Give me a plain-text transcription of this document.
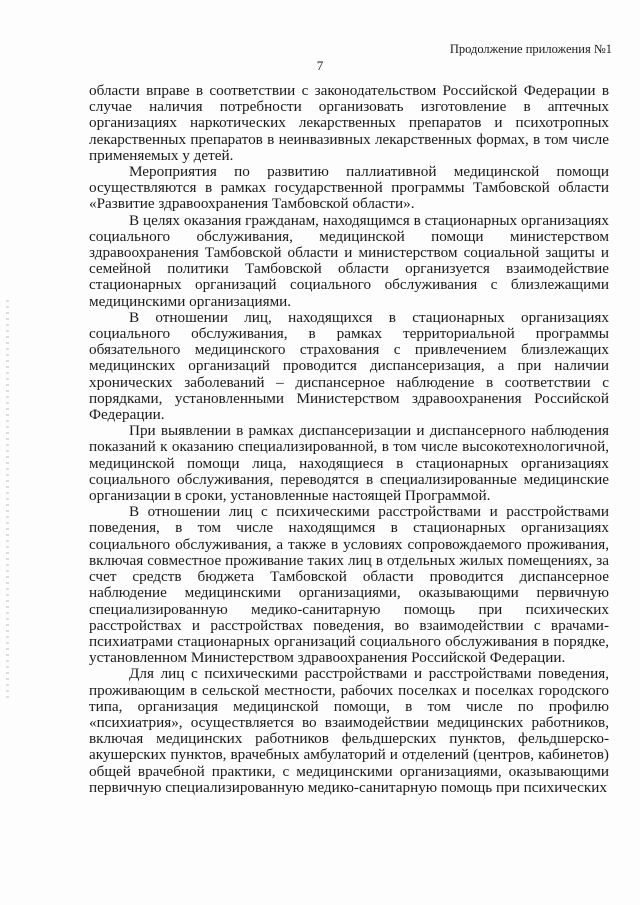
Продолжение приложения №1
7

области вправе в соответствии с законодательством Российской Федерации в случае наличия потребности организовать изготовление в аптечных организациях наркотических лекарственных препаратов и психотропных лекарственных препаратов в неинвазивных лекарственных формах, в том числе применяемых у детей.

Мероприятия по развитию паллиативной медицинской помощи осуществляются в рамках государственной программы Тамбовской области «Развитие здравоохранения Тамбовской области».

В целях оказания гражданам, находящимся в стационарных организациях социального обслуживания, медицинской помощи министерством здравоохранения Тамбовской области и министерством социальной защиты и семейной политики Тамбовской области организуется взаимодействие стационарных организаций социального обслуживания с близлежащими медицинскими организациями.

В отношении лиц, находящихся в стационарных организациях социального обслуживания, в рамках территориальной программы обязательного медицинского страхования с привлечением близлежащих медицинских организаций проводится диспансеризация, а при наличии хронических заболеваний – диспансерное наблюдение в соответствии с порядками, установленными Министерством здравоохранения Российской Федерации.

При выявлении в рамках диспансеризации и диспансерного наблюдения показаний к оказанию специализированной, в том числе высокотехнологичной, медицинской помощи лица, находящиеся в стационарных организациях социального обслуживания, переводятся в специализированные медицинские организации в сроки, установленные настоящей Программой.

В отношении лиц с психическими расстройствами и расстройствами поведения, в том числе находящимся в стационарных организациях социального обслуживания, а также в условиях сопровождаемого проживания, включая совместное проживание таких лиц в отдельных жилых помещениях, за счет средств бюджета Тамбовской области проводится диспансерное наблюдение медицинскими организациями, оказывающими первичную специализированную медико-санитарную помощь при психических расстройствах и расстройствах поведения, во взаимодействии с врачами-психиатрами стационарных организаций социального обслуживания в порядке, установленном Министерством здравоохранения Российской Федерации.

Для лиц с психическими расстройствами и расстройствами поведения, проживающим в сельской местности, рабочих поселках и поселках городского типа, организация медицинской помощи, в том числе по профилю «психиатрия», осуществляется во взаимодействии медицинских работников, включая медицинских работников фельдшерских пунктов, фельдшерско-акушерских пунктов, врачебных амбулаторий и отделений (центров, кабинетов) общей врачебной практики, с медицинскими организациями, оказывающими первичную специализированную медико-санитарную помощь при психических
